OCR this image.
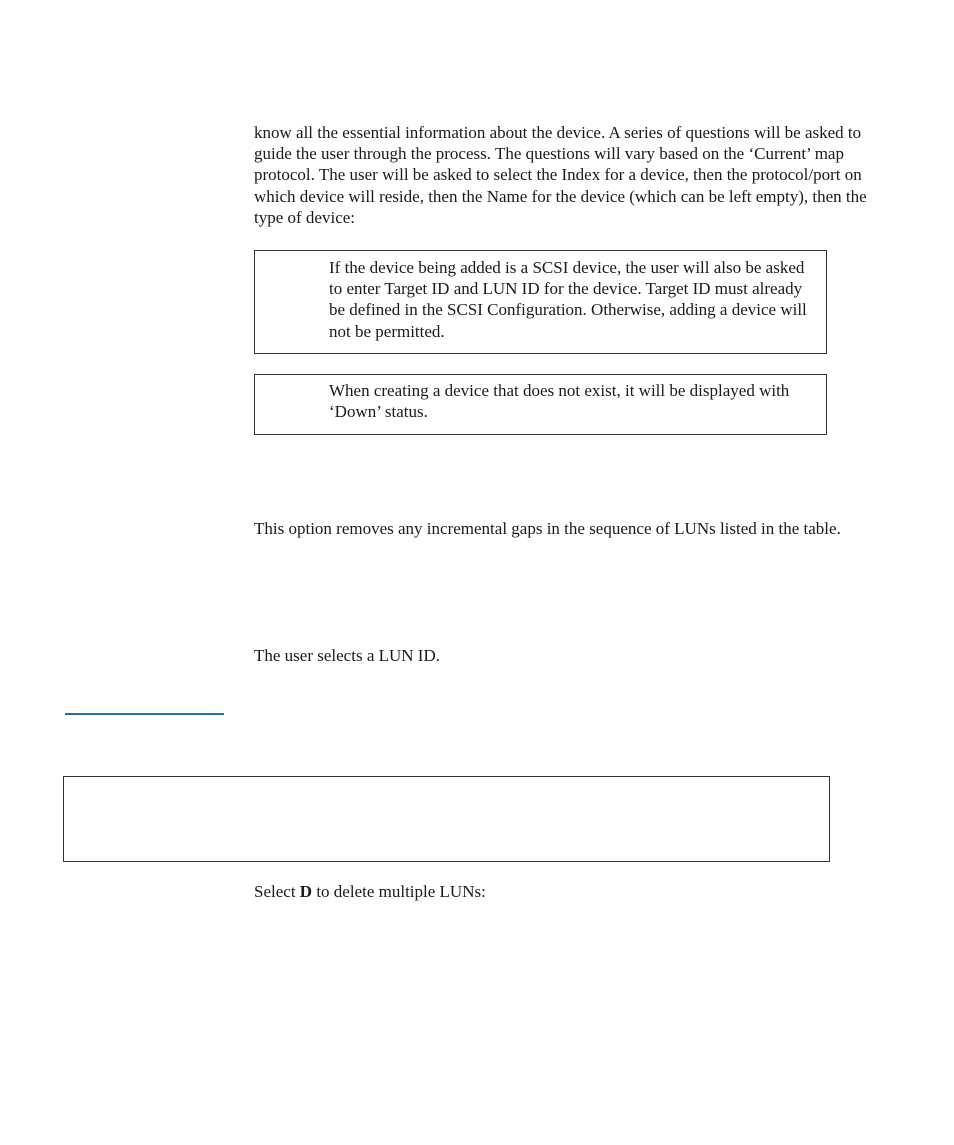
know all the essential information about the device. A series of questions will be asked to guide the user through the process. The questions will vary based on the ‘Current’ map protocol. The user will be asked to select the Index for a device, then the protocol/port on which device will reside, then the Name for the device (which can be left empty), then the type of device:

If the device being added is a SCSI device, the user will also be asked to enter Target ID and LUN ID for the device. Target ID must already be defined in the SCSI Configuration. Otherwise, adding a device will not be permitted.

When creating a device that does not exist, it will be displayed with ‘Down’ status.

This option removes any incremental gaps in the sequence of LUNs listed in the table.

The user selects a LUN ID.

Select D to delete multiple LUNs:
